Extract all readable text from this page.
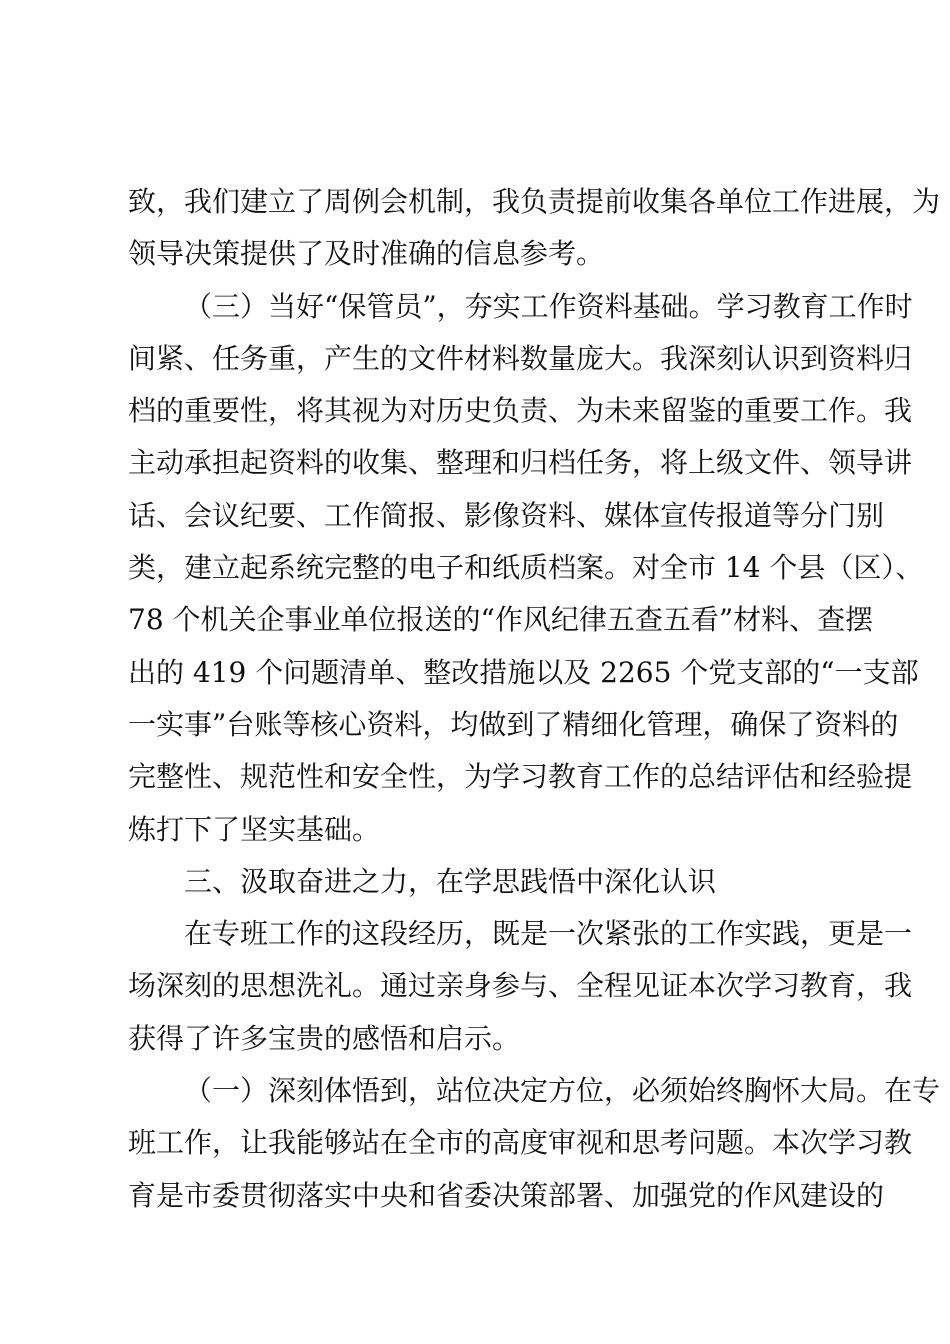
致，我们建立了周例会机制，我负责提前收集各单位工作进展，为
领导决策提供了及时准确的信息参考。
（三）当好“保管员”，夯实工作资料基础。学习教育工作时
间紧、任务重，产生的文件材料数量庞大。我深刻认识到资料归
档的重要性，将其视为对历史负责、为未来留鉴的重要工作。我
主动承担起资料的收集、整理和归档任务，将上级文件、领导讲
话、会议纪要、工作简报、影像资料、媒体宣传报道等分门别
类，建立起系统完整的电子和纸质档案。对全市 14 个县（区）、
78 个机关企事业单位报送的“作风纪律五查五看”材料、查摆
出的 419 个问题清单、整改措施以及 2265 个党支部的“一支部
一实事”台账等核心资料，均做到了精细化管理，确保了资料的
完整性、规范性和安全性，为学习教育工作的总结评估和经验提
炼打下了坚实基础。
三、汲取奋进之力，在学思践悟中深化认识
在专班工作的这段经历，既是一次紧张的工作实践，更是一
场深刻的思想洗礼。通过亲身参与、全程见证本次学习教育，我
获得了许多宝贵的感悟和启示。
（一）深刻体悟到，站位决定方位，必须始终胸怀大局。在专
班工作，让我能够站在全市的高度审视和思考问题。本次学习教
育是市委贯彻落实中央和省委决策部署、加强党的作风建设的
